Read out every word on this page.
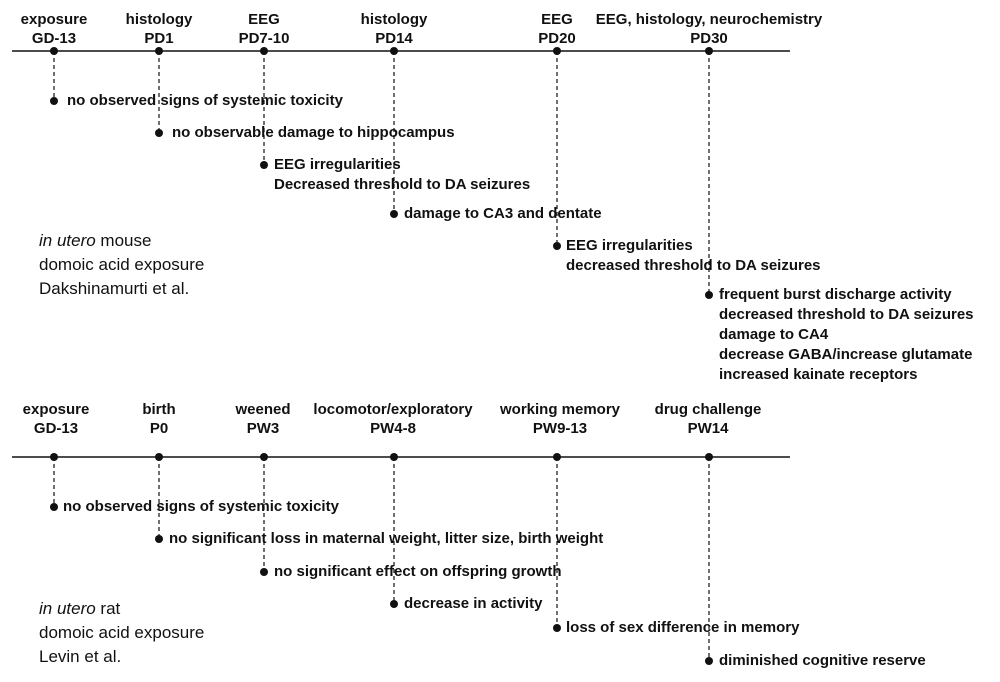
exposure
GD-13
histology
PD1
EEG
PD7-10
histology
PD14
EEG
PD20
EEG, histology, neurochemistry
PD30
no observed signs of systemic toxicity
no observable damage to hippocampus
EEG irregularities
Decreased threshold to DA seizures
damage to CA3 and dentate
EEG irregularities
decreased threshold to DA seizures
frequent burst discharge activity
decreased threshold to DA seizures
damage to CA4
decrease GABA/increase glutamate
increased kainate receptors
in utero mouse
domoic acid exposure
Dakshinamurti et al.
exposure
GD-13
birth
P0
weened
PW3
locomotor/exploratory
PW4-8
working memory
PW9-13
drug challenge
PW14
no observed signs of systemic toxicity
no significant loss in maternal weight, litter size, birth weight
no significant effect on offspring growth
decrease in activity
loss of sex difference in memory
diminished cognitive reserve
in utero rat
domoic acid exposure
Levin et al.
